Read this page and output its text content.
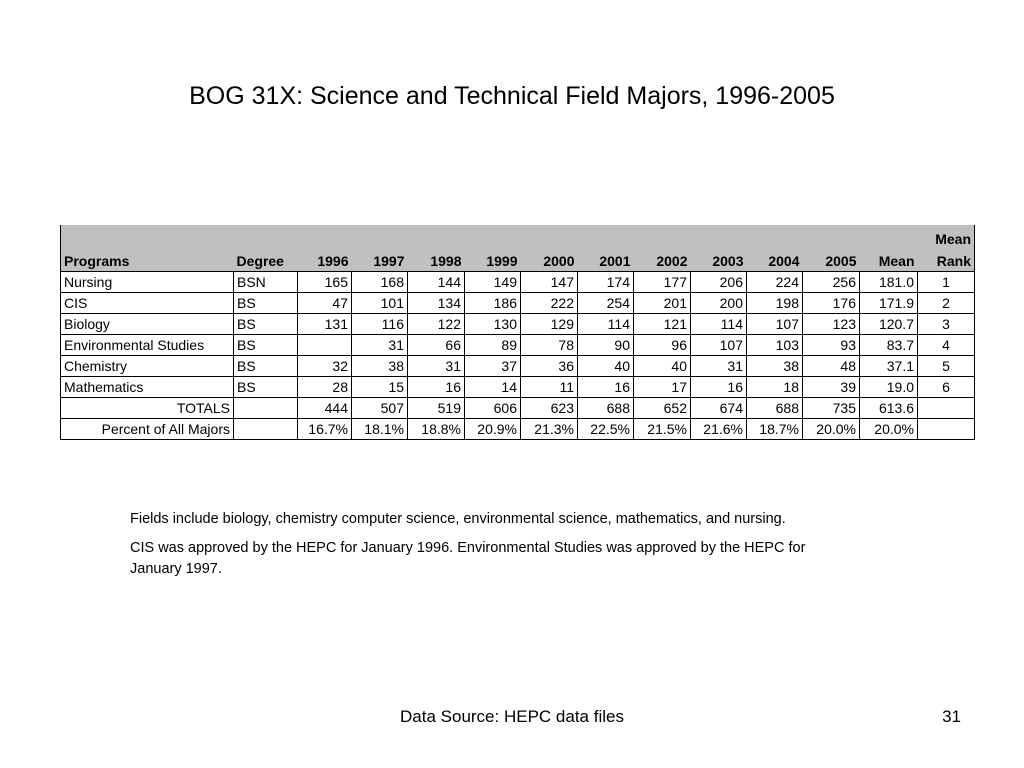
BOG 31X: Science and Technical Field Majors, 1996-2005
													Mean
Programs	Degree	1996	1997	1998	1999	2000	2001	2002	2003	2004	2005	Mean	Rank
Nursing	BSN	165	168	144	149	147	174	177	206	224	256	181.0	1
CIS	BS	47	101	134	186	222	254	201	200	198	176	171.9	2
Biology	BS	131	116	122	130	129	114	121	114	107	123	120.7	3
Environmental Studies	BS		31	66	89	78	90	96	107	103	93	83.7	4
Chemistry	BS	32	38	31	37	36	40	40	31	38	48	37.1	5
Mathematics	BS	28	15	16	14	11	16	17	16	18	39	19.0	6
TOTALS		444	507	519	606	623	688	652	674	688	735	613.6	
Percent of All Majors		16.7%	18.1%	18.8%	20.9%	21.3%	22.5%	21.5%	21.6%	18.7%	20.0%	20.0%	

Fields include biology, chemistry computer science, environmental science, mathematics, and nursing.

CIS was approved by the HEPC for January 1996. Environmental Studies was approved by the HEPC for January 1997.

Data Source: HEPC data files	31
